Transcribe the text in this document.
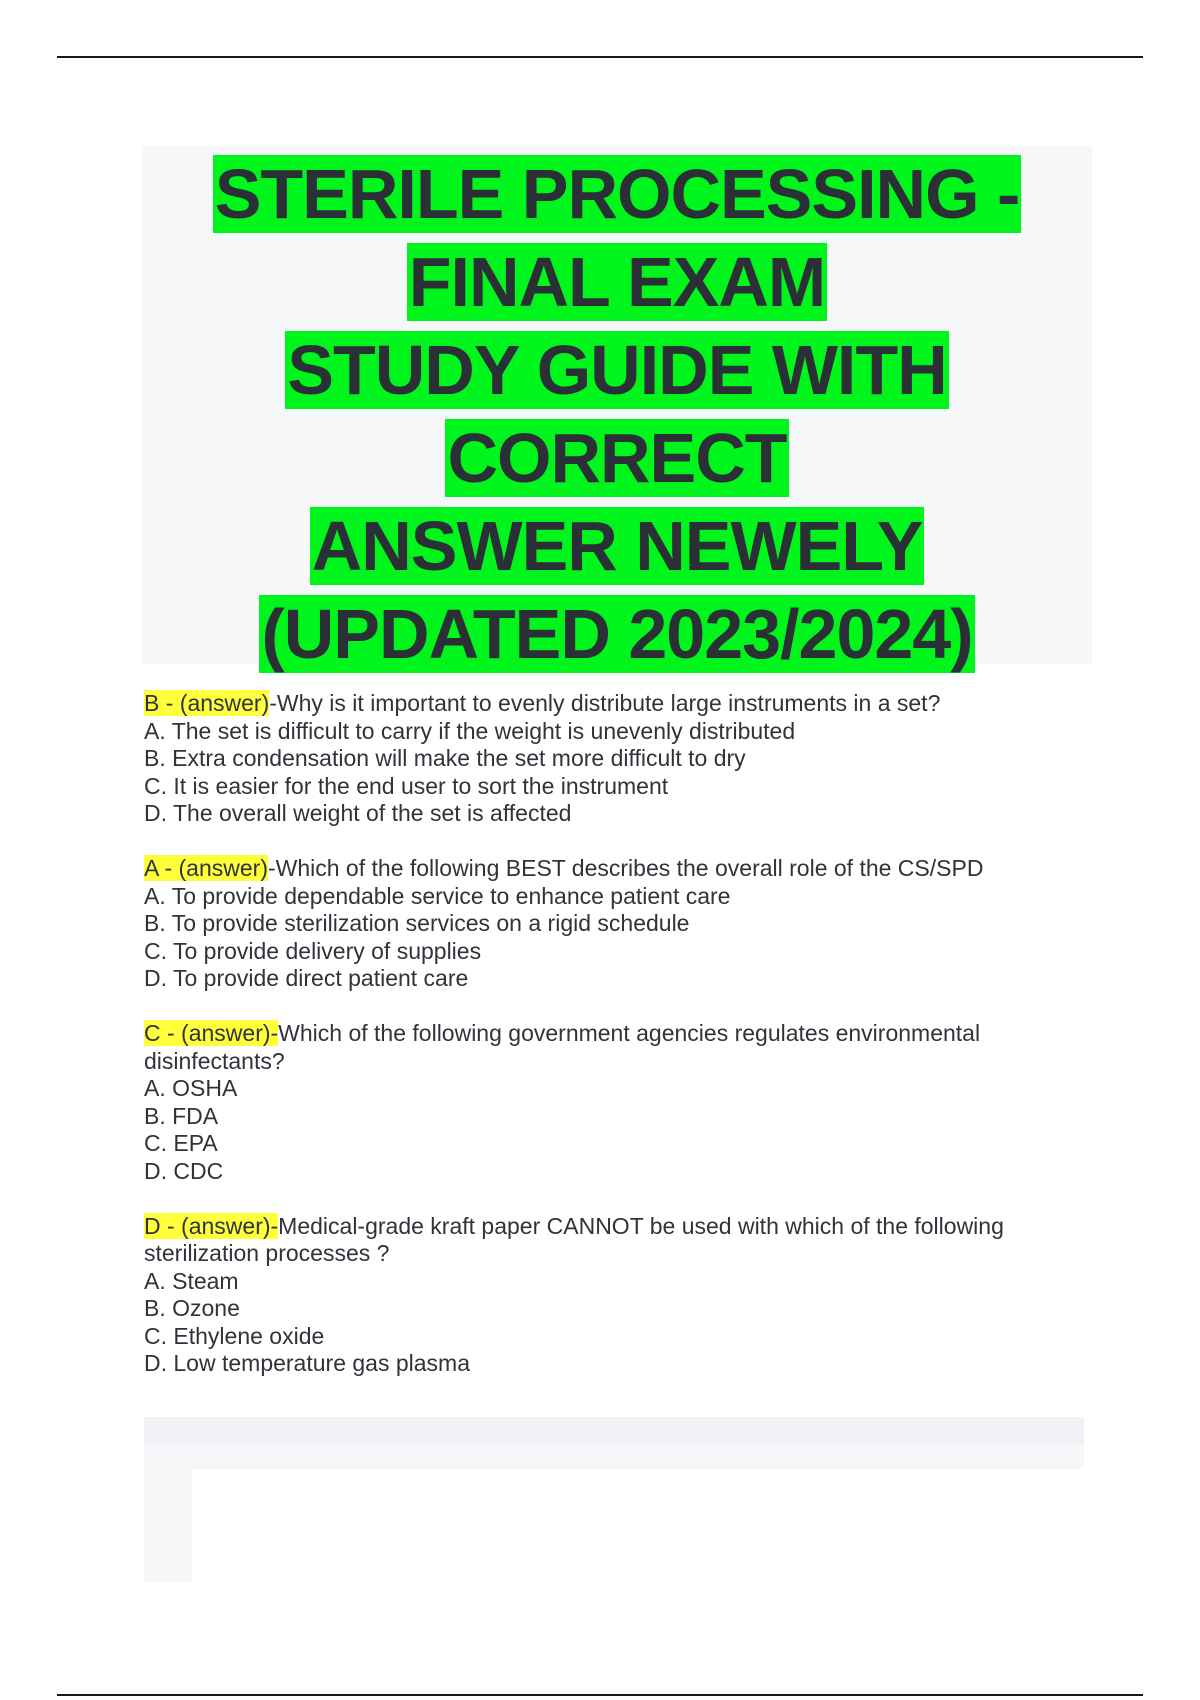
STERILE PROCESSING -
FINAL EXAM
STUDY GUIDE WITH
CORRECT
ANSWER NEWELY
(UPDATED 2023/2024)
B - (answer)-Why is it important to evenly distribute large instruments in a set?
A. The set is difficult to carry if the weight is unevenly distributed
B. Extra condensation will make the set more difficult to dry
C. It is easier for the end user to sort the instrument
D. The overall weight of the set is affected
A - (answer)-Which of the following BEST describes the overall role of the CS/SPD
A. To provide dependable service to enhance patient care
B. To provide sterilization services on a rigid schedule
C. To provide delivery of supplies
D. To provide direct patient care
C - (answer)-Which of the following government agencies regulates environmental disinfectants?
A. OSHA
B. FDA
C. EPA
D. CDC
D - (answer)-Medical-grade kraft paper CANNOT be used with which of the following sterilization processes ?
A. Steam
B. Ozone
C. Ethylene oxide
D. Low temperature gas plasma
